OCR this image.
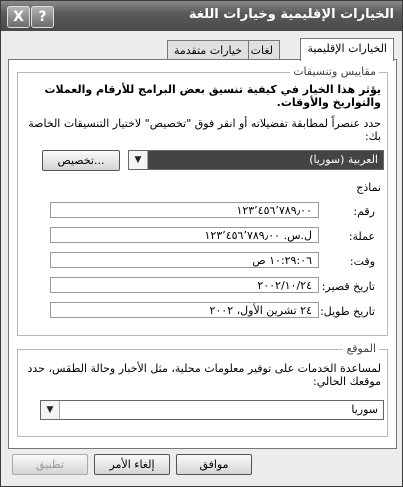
الخيارات الإقليمية وخيارات اللغة
X	?
الخيارات الإقليمية
لغات
خيارات متقدمة
مقاييس وتنسيقات
يؤثر هذا الخيار في كيفية تنسيق بعض البرامج للأرقام والعملات والتواريخ والأوقات.
حدد عنصراً لمطابقة تفضيلاته أو انقر فوق "تخصيص" لاختيار التنسيقات الخاصة بك:
العربية (سوريا)
▼
تخصيص...
نماذج
رقم:
١٢٣٬٤٥٦٬٧٨٩٫٠٠
عملة:
ل.س.‏ ١٢٣٬٤٥٦٬٧٨٩٫٠٠
وقت:
١٠:٢٩:٠٦ ص
تاريخ قصير:
٢٠٠٢/١٠/٢٤
تاريخ طويل:
٢٤ تشرين الأول، ٢٠٠٢
الموقع
لمساعدة الخدمات على توفير معلومات محلية، مثل الأخبار وحالة الطقس، حدد موقعك الحالي:
سوريا
▼
موافق
إلغاء الأمر
تطبيق
